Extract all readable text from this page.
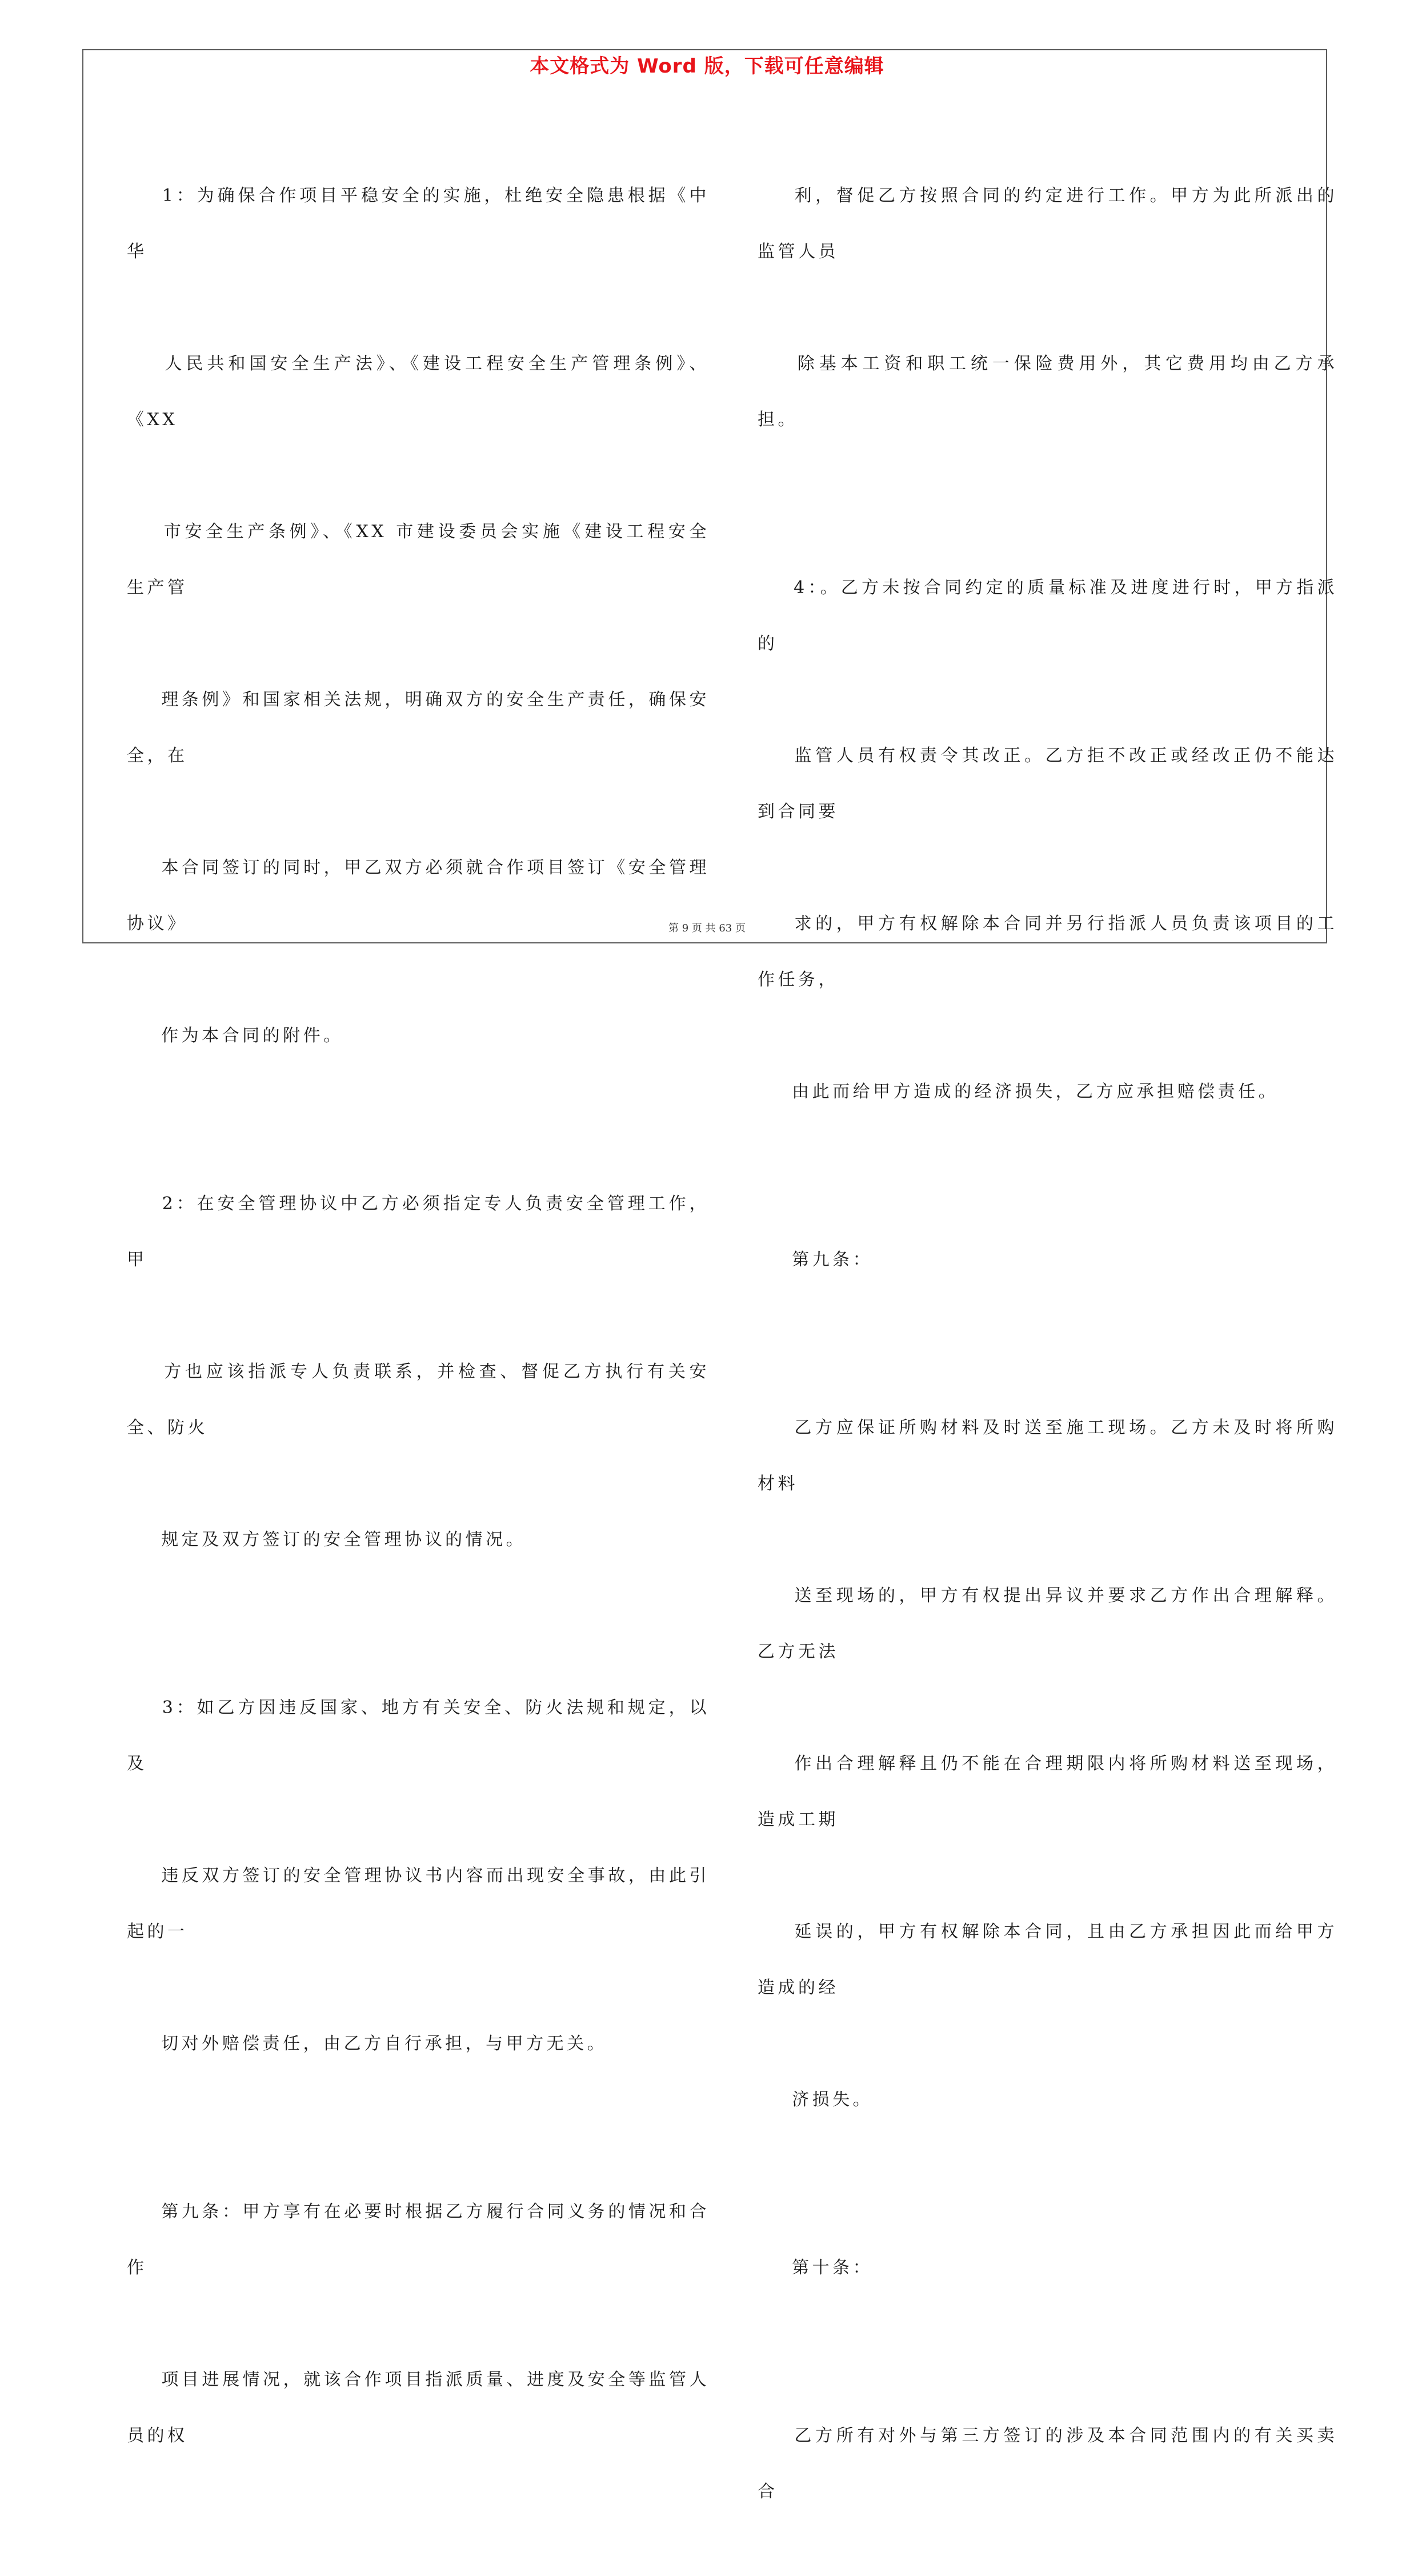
本文格式为 Word 版，下载可任意编辑

1：为确保合作项目平稳安全的实施，杜绝安全隐患根据《中华

人民共和国安全生产法》、《建设工程安全生产管理条例》、《XX

市安全生产条例》、《XX 市建设委员会实施《建设工程安全生产管

理条例》和国家相关法规，明确双方的安全生产责任，确保安全，在

本合同签订的同时，甲乙双方必须就合作项目签订《安全管理协议》

作为本合同的附件。

2：在安全管理协议中乙方必须指定专人负责安全管理工作，甲

方也应该指派专人负责联系，并检查、督促乙方执行有关安全、防火

规定及双方签订的安全管理协议的情况。

3：如乙方因违反国家、地方有关安全、防火法规和规定，以及

违反双方签订的安全管理协议书内容而出现安全事故，由此引起的一

切对外赔偿责任，由乙方自行承担，与甲方无关。

第九条：甲方享有在必要时根据乙方履行合同义务的情况和合作

项目进展情况，就该合作项目指派质量、进度及安全等监管人员的权

利，督促乙方按照合同的约定进行工作。甲方为此所派出的监管人员

除基本工资和职工统一保险费用外，其它费用均由乙方承担。

4：。乙方未按合同约定的质量标准及进度进行时，甲方指派的

监管人员有权责令其改正。乙方拒不改正或经改正仍不能达到合同要

求的，甲方有权解除本合同并另行指派人员负责该项目的工作任务，

由此而给甲方造成的经济损失，乙方应承担赔偿责任。

第九条：

乙方应保证所购材料及时送至施工现场。乙方未及时将所购材料

送至现场的，甲方有权提出异议并要求乙方作出合理解释。乙方无法

作出合理解释且仍不能在合理期限内将所购材料送至现场，造成工期

延误的，甲方有权解除本合同，且由乙方承担因此而给甲方造成的经

济损失。

第十条：

乙方所有对外与第三方签订的涉及本合同范围内的有关买卖合

第 9 页 共 63 页
